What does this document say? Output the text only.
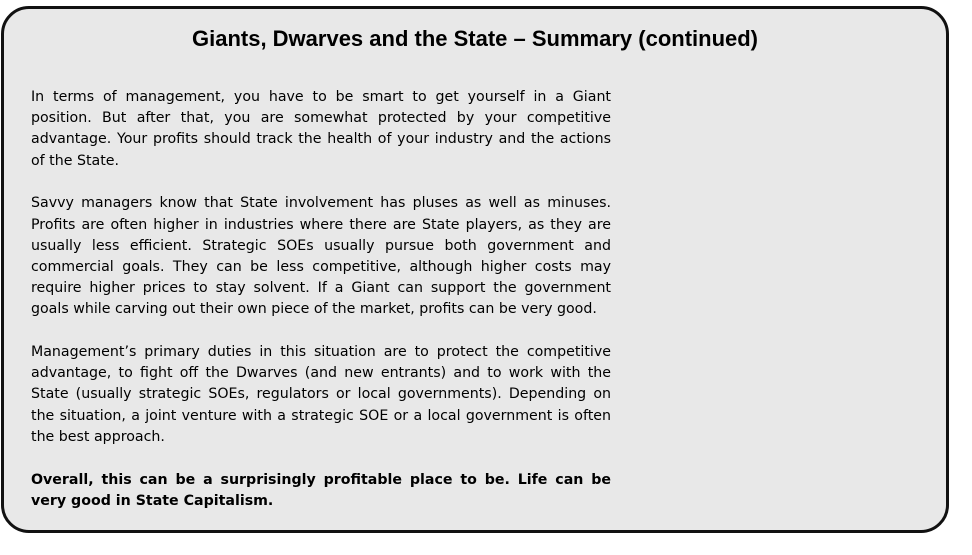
Giants, Dwarves and the State – Summary (continued)

In terms of management, you have to be smart to get yourself in a Giant position. But after that, you are somewhat protected by your competitive advantage. Your profits should track the health of your industry and the actions of the State.

Savvy managers know that State involvement has pluses as well as minuses. Profits are often higher in industries where there are State players, as they are usually less efficient. Strategic SOEs usually pursue both government and commercial goals. They can be less competitive, although higher costs may require higher prices to stay solvent. If a Giant can support the government goals while carving out their own piece of the market, profits can be very good.

Management’s primary duties in this situation are to protect the competitive advantage, to fight off the Dwarves (and new entrants) and to work with the State (usually strategic SOEs, regulators or local governments). Depending on the situation, a joint venture with a strategic SOE or a local government is often the best approach.

Overall, this can be a surprisingly profitable place to be. Life can be very good in State Capitalism.
